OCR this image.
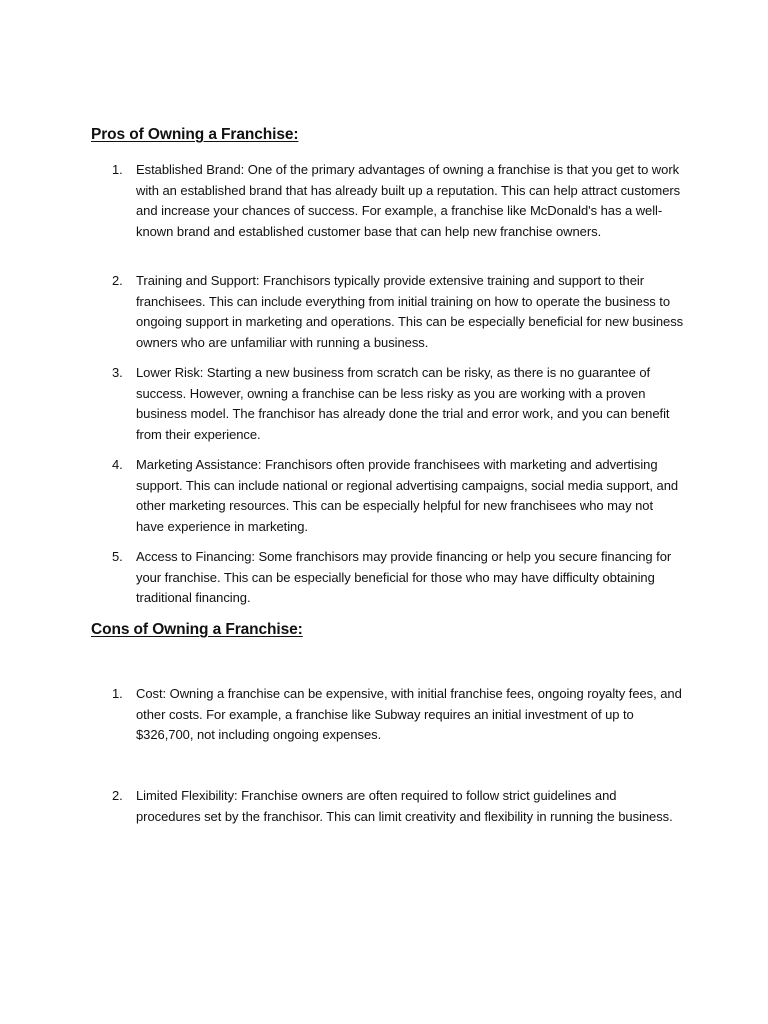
Pros of Owning a Franchise:
1.	Established Brand: One of the primary advantages of owning a franchise is that you get to work with an established brand that has already built up a reputation. This can help attract customers and increase your chances of success. For example, a franchise like McDonald's has a well-known brand and established customer base that can help new franchise owners.
2.	Training and Support: Franchisors typically provide extensive training and support to their franchisees. This can include everything from initial training on how to operate the business to ongoing support in marketing and operations. This can be especially beneficial for new business owners who are unfamiliar with running a business.
3.	Lower Risk: Starting a new business from scratch can be risky, as there is no guarantee of success. However, owning a franchise can be less risky as you are working with a proven business model. The franchisor has already done the trial and error work, and you can benefit from their experience.
4.	Marketing Assistance: Franchisors often provide franchisees with marketing and advertising support. This can include national or regional advertising campaigns, social media support, and other marketing resources. This can be especially helpful for new franchisees who may not have experience in marketing.
5.	Access to Financing: Some franchisors may provide financing or help you secure financing for your franchise. This can be especially beneficial for those who may have difficulty obtaining traditional financing.
Cons of Owning a Franchise:
1.	Cost: Owning a franchise can be expensive, with initial franchise fees, ongoing royalty fees, and other costs. For example, a franchise like Subway requires an initial investment of up to $326,700, not including ongoing expenses.
2.	Limited Flexibility: Franchise owners are often required to follow strict guidelines and procedures set by the franchisor. This can limit creativity and flexibility in running the business.
